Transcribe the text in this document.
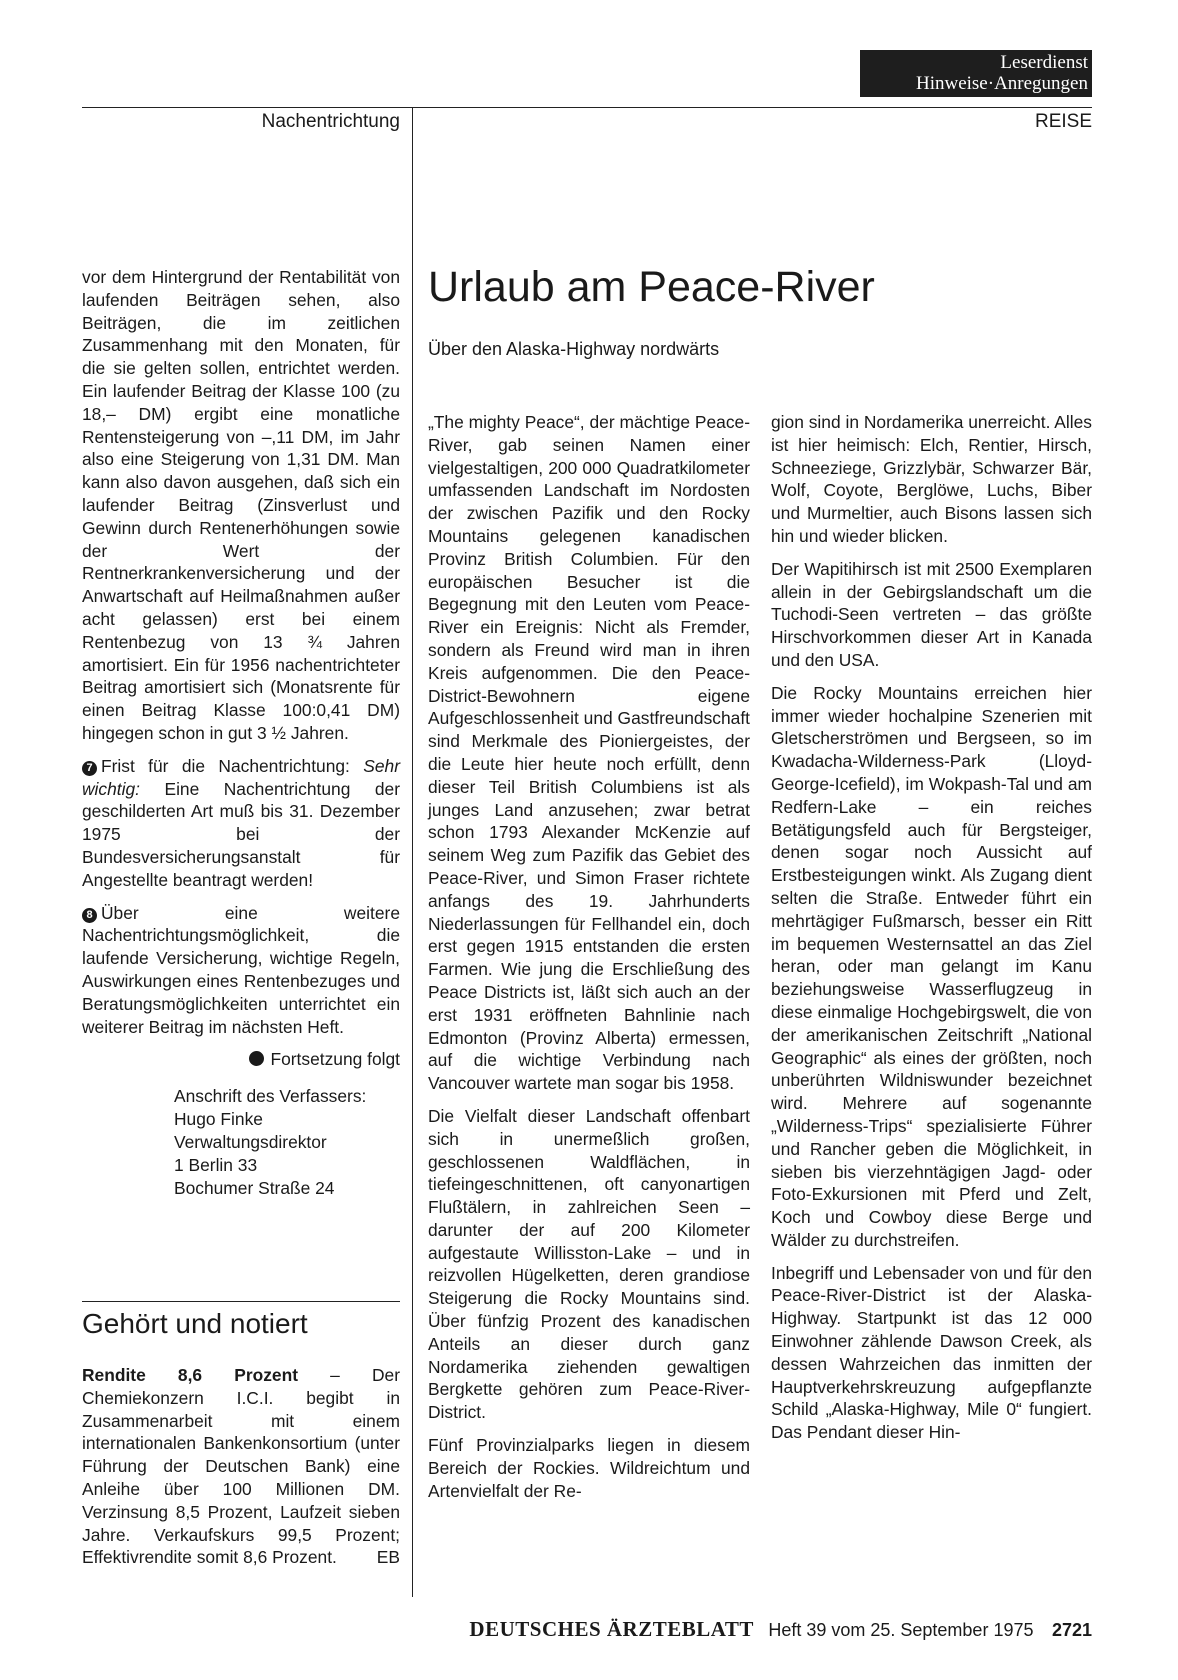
Leserdienst
Hinweise·Anregungen
Nachentrichtung	REISE

vor dem Hintergrund der Rentabilität von laufenden Beiträgen sehen, also Beiträgen, die im zeitlichen Zusammenhang mit den Monaten, für die sie gelten sollen, entrichtet werden. Ein laufender Beitrag der Klasse 100 (zu 18,– DM) ergibt eine monatliche Rentensteigerung von –,11 DM, im Jahr also eine Steigerung von 1,31 DM. Man kann also davon ausgehen, daß sich ein laufender Beitrag (Zinsverlust und Gewinn durch Rentenerhöhungen sowie der Wert der Rentnerkrankenversicherung und der Anwartschaft auf Heilmaßnahmen außer acht gelassen) erst bei einem Rentenbezug von 13 ¾ Jahren amortisiert. Ein für 1956 nachentrichteter Beitrag amortisiert sich (Monatsrente für einen Beitrag Klasse 100:0,41 DM) hingegen schon in gut 3 ½ Jahren.

7 Frist für die Nachentrichtung: Sehr wichtig: Eine Nachentrichtung der geschilderten Art muß bis 31. Dezember 1975 bei der Bundesversicherungsanstalt für Angestellte beantragt werden!

8 Über eine weitere Nachentrichtungsmöglichkeit, die laufende Versicherung, wichtige Regeln, Auswirkungen eines Rentenbezuges und Beratungsmöglichkeiten unterrichtet ein weiterer Beitrag im nächsten Heft.

Fortsetzung folgt
Anschrift des Verfassers:
Hugo Finke
Verwaltungsdirektor
1 Berlin 33
Bochumer Straße 24
Gehört und notiert

Rendite 8,6 Prozent – Der Chemiekonzern I.C.I. begibt in Zusammenarbeit mit einem internationalen Bankenkonsortium (unter Führung der Deutschen Bank) eine Anleihe über 100 Millionen DM. Verzinsung 8,5 Prozent, Laufzeit sieben Jahre. Verkaufskurs 99,5 Prozent; Effektivrendite somit 8,6 Prozent. EB

Urlaub am Peace-River
Über den Alaska-Highway nordwärts

„The mighty Peace“, der mächtige Peace-River, gab seinen Namen einer vielgestaltigen, 200 000 Quadratkilometer umfassenden Landschaft im Nordosten der zwischen Pazifik und den Rocky Mountains gelegenen kanadischen Provinz British Columbien. Für den europäischen Besucher ist die Begegnung mit den Leuten vom Peace-River ein Ereignis: Nicht als Fremder, sondern als Freund wird man in ihren Kreis aufgenommen. Die den Peace-District-Bewohnern eigene Aufgeschlossenheit und Gastfreundschaft sind Merkmale des Pioniergeistes, der die Leute hier heute noch erfüllt, denn dieser Teil British Columbiens ist als junges Land anzusehen; zwar betrat schon 1793 Alexander McKenzie auf seinem Weg zum Pazifik das Gebiet des Peace-River, und Simon Fraser richtete anfangs des 19. Jahrhunderts Niederlassungen für Fellhandel ein, doch erst gegen 1915 entstanden die ersten Farmen. Wie jung die Erschließung des Peace Districts ist, läßt sich auch an der erst 1931 eröffneten Bahnlinie nach Edmonton (Provinz Alberta) ermessen, auf die wichtige Verbindung nach Vancouver wartete man sogar bis 1958.

Die Vielfalt dieser Landschaft offenbart sich in unermeßlich großen, geschlossenen Waldflächen, in tiefeingeschnittenen, oft canyonartigen Flußtälern, in zahlreichen Seen – darunter der auf 200 Kilometer aufgestaute Willisston-Lake – und in reizvollen Hügelketten, deren grandiose Steigerung die Rocky Mountains sind. Über fünfzig Prozent des kanadischen Anteils an dieser durch ganz Nordamerika ziehenden gewaltigen Bergkette gehören zum Peace-River-District.

Fünf Provinzialparks liegen in diesem Bereich der Rockies. Wildreichtum und Artenvielfalt der Re-

gion sind in Nordamerika unerreicht. Alles ist hier heimisch: Elch, Rentier, Hirsch, Schneeziege, Grizzlybär, Schwarzer Bär, Wolf, Coyote, Berglöwe, Luchs, Biber und Murmeltier, auch Bisons lassen sich hin und wieder blicken.

Der Wapitihirsch ist mit 2500 Exemplaren allein in der Gebirgslandschaft um die Tuchodi-Seen vertreten – das größte Hirschvorkommen dieser Art in Kanada und den USA.

Die Rocky Mountains erreichen hier immer wieder hochalpine Szenerien mit Gletscherströmen und Bergseen, so im Kwadacha-Wilderness-Park (Lloyd-George-Icefield), im Wokpash-Tal und am Redfern-Lake – ein reiches Betätigungsfeld auch für Bergsteiger, denen sogar noch Aussicht auf Erstbesteigungen winkt. Als Zugang dient selten die Straße. Entweder führt ein mehrtägiger Fußmarsch, besser ein Ritt im bequemen Westernsattel an das Ziel heran, oder man gelangt im Kanu beziehungsweise Wasserflugzeug in diese einmalige Hochgebirgswelt, die von der amerikanischen Zeitschrift „National Geographic“ als eines der größten, noch unberührten Wildniswunder bezeichnet wird. Mehrere auf sogenannte „Wilderness-Trips“ spezialisierte Führer und Rancher geben die Möglichkeit, in sieben bis vierzehntägigen Jagd- oder Foto-Exkursionen mit Pferd und Zelt, Koch und Cowboy diese Berge und Wälder zu durchstreifen.

Inbegriff und Lebensader von und für den Peace-River-District ist der Alaska-Highway. Startpunkt ist das 12 000 Einwohner zählende Dawson Creek, als dessen Wahrzeichen das inmitten der Hauptverkehrskreuzung aufgepflanzte Schild „Alaska-Highway, Mile 0“ fungiert. Das Pendant dieser Hin-

DEUTSCHES ÄRZTEBLATT Heft 39 vom 25. September 1975 2721
